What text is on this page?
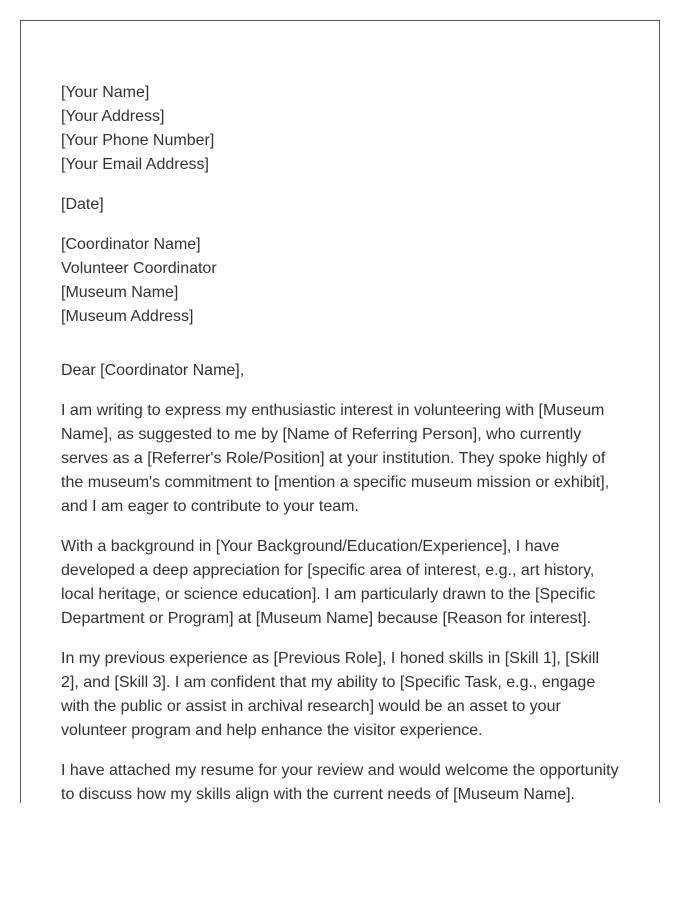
[Your Name]
[Your Address]
[Your Phone Number]
[Your Email Address]
[Date]
[Coordinator Name]
Volunteer Coordinator
[Museum Name]
[Museum Address]

Dear [Coordinator Name],

I am writing to express my enthusiastic interest in volunteering with [Museum Name], as suggested to me by [Name of Referring Person], who currently serves as a [Referrer's Role/Position] at your institution. They spoke highly of the museum's commitment to [mention a specific museum mission or exhibit], and I am eager to contribute to your team.

With a background in [Your Background/Education/Experience], I have developed a deep appreciation for [specific area of interest, e.g., art history, local heritage, or science education]. I am particularly drawn to the [Specific Department or Program] at [Museum Name] because [Reason for interest].

In my previous experience as [Previous Role], I honed skills in [Skill 1], [Skill 2], and [Skill 3]. I am confident that my ability to [Specific Task, e.g., engage with the public or assist in archival research] would be an asset to your volunteer program and help enhance the visitor experience.

I have attached my resume for your review and would welcome the opportunity to discuss how my skills align with the current needs of [Museum Name].
